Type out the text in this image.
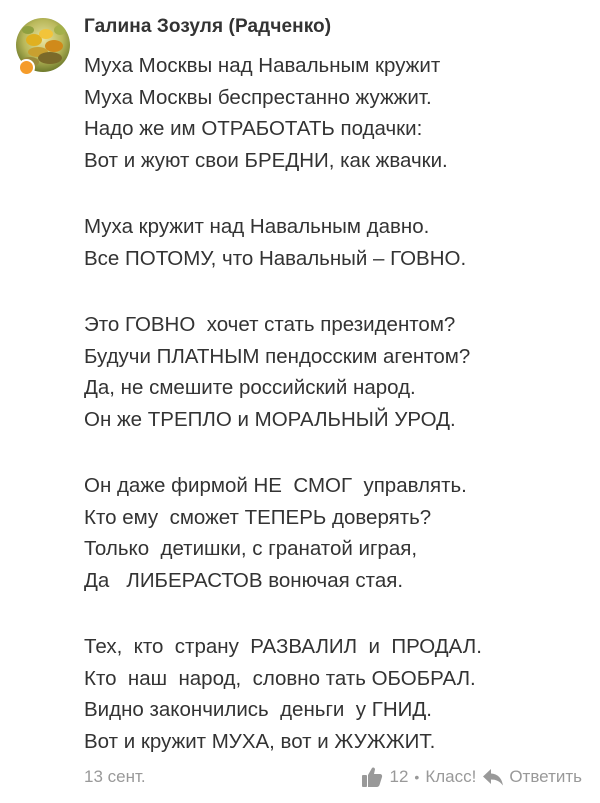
Галина Зозуля (Радченко)
Муха Москвы над Навальным кружит
Муха Москвы беспрестанно жужжит.
Надо же им ОТРАБОТАТЬ подачки:
Вот и жуют свои БРЕДНИ, как жвачки.
Муха кружит над Навальным давно.
Все ПОТОМУ, что Навальный – ГОВНО.
Это ГОВНО  хочет стать президентом?
Будучи ПЛАТНЫМ пендосским агентом?
Да, не смешите российский народ.
Он же ТРЕПЛО и МОРАЛЬНЫЙ УРОД.
Он даже фирмой НЕ  СМОГ  управлять.
Кто ему  сможет ТЕПЕРЬ доверять?
Только  детишки, с гранатой играя,
Да   ЛИБЕРАСТОВ вонючая стая.
Тех,  кто  страну  РАЗВАЛИЛ  и  ПРОДАЛ.
Кто  наш  народ,  словно тать ОБОБРАЛ.
Видно закончились  деньги  у ГНИД.
Вот и кружит МУХА, вот и ЖУЖЖИТ.
13 сент.	12 • Класс! Ответить
